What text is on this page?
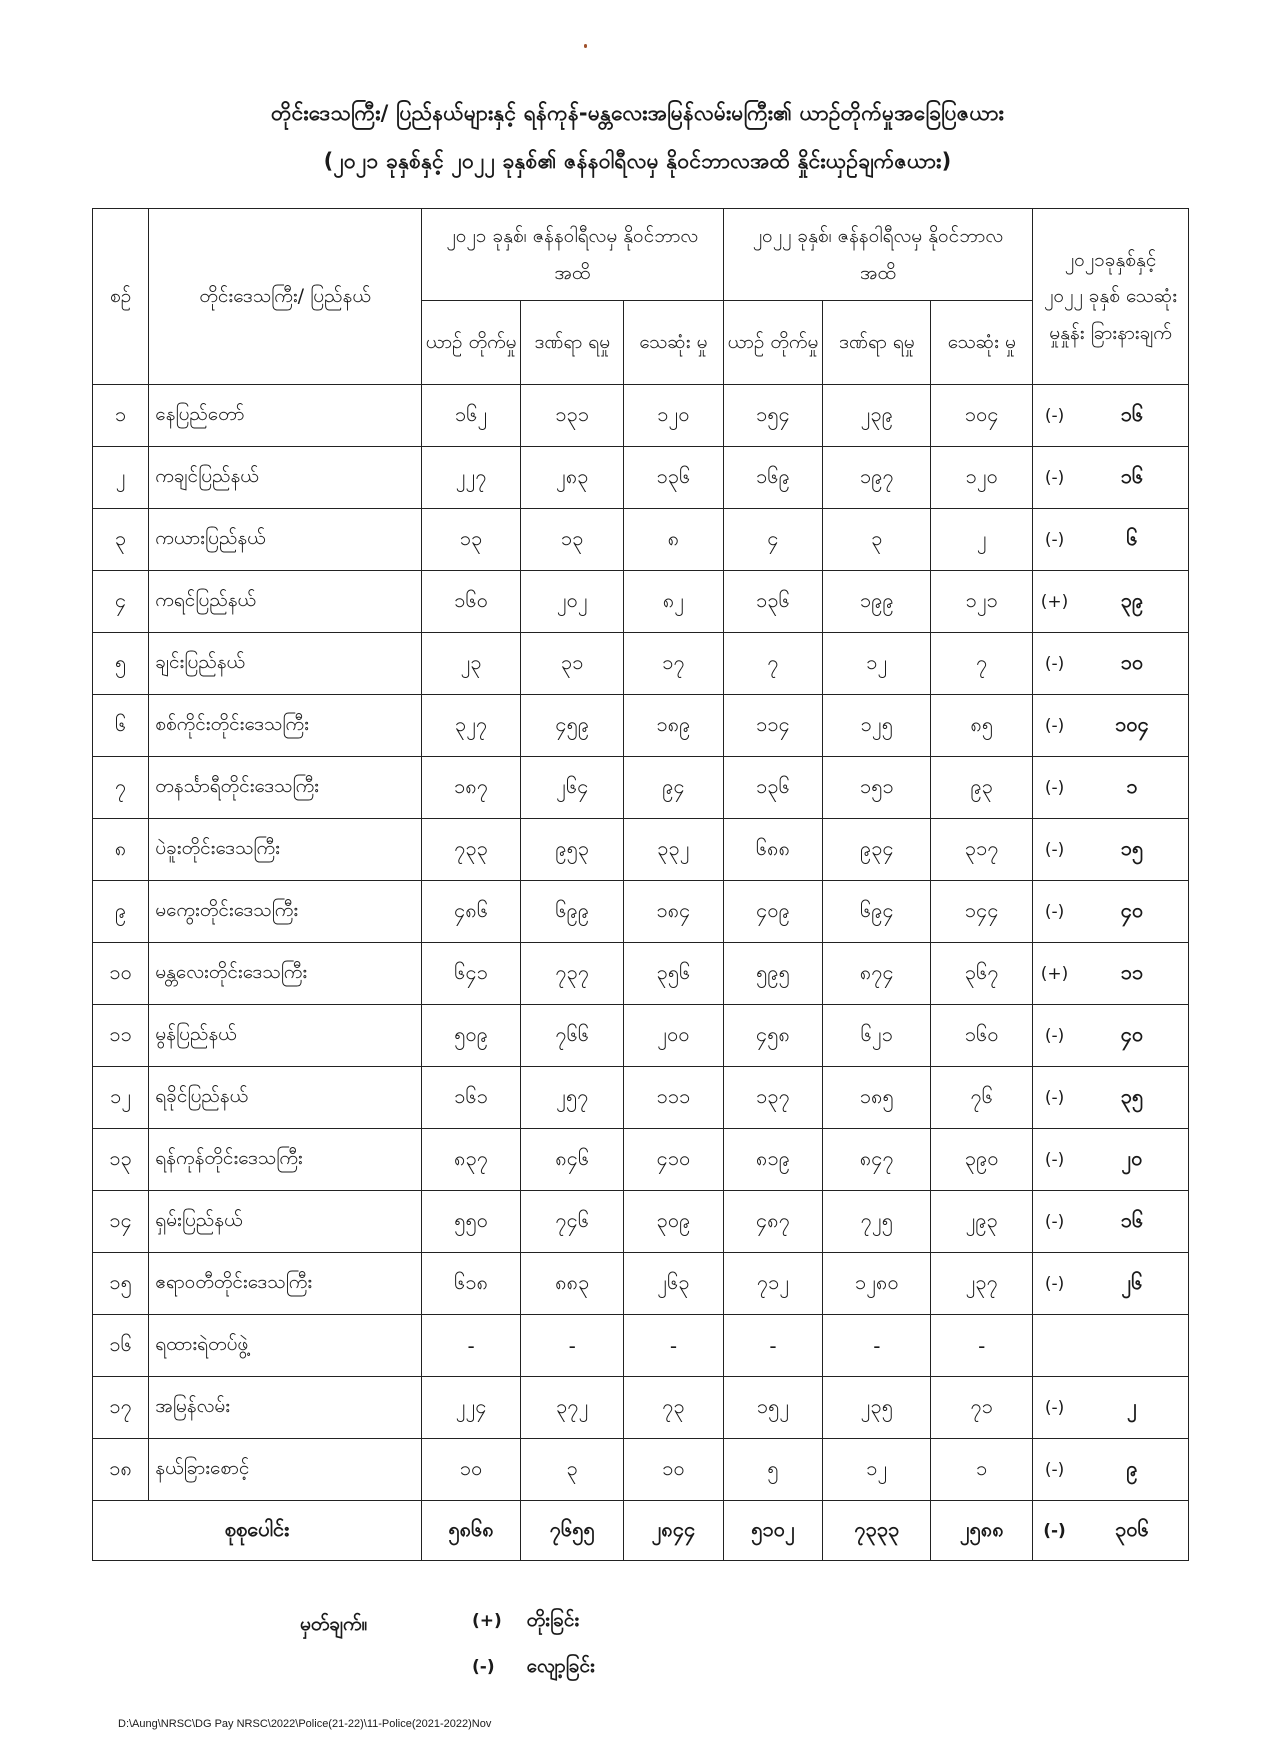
တိုင်းဒေသကြီး/ ပြည်နယ်များနှင့် ရန်ကုန်-မန္တလေးအမြန်လမ်းမကြီး၏ ယာဉ်တိုက်မှုအခြေပြဇယား
(၂၀၂၁ ခုနှစ်နှင့် ၂၀၂၂ ခုနှစ်၏ ဇန်နဝါရီလမှ နိုဝင်ဘာလအထိ နှိုင်းယှဉ်ချက်ဇယား)
စဉ်	တိုင်းဒေသကြီး/ ပြည်နယ်	၂၀၂၁ ခုနှစ်၊ ဇန်နဝါရီလမှ နိုဝင်ဘာလအထိ			၂၀၂၂ ခုနှစ်၊ ဇန်နဝါရီလမှ နိုဝင်ဘာလအထိ			၂၀၂၁ခုနှစ်နှင့် ၂၀၂၂ ခုနှစ် သေဆုံးမှုနှုန်း ခြားနားချက်	
		ယာဉ် တိုက်မှု	ဒဏ်ရာ ရမှု	သေဆုံး မှု	ယာဉ် တိုက်မှု	ဒဏ်ရာ ရမှု	သေဆုံး မှု		
၁	နေပြည်တော်	၁၆၂	၁၃၁	၁၂၀	၁၅၄	၂၃၉	၁၀၄	(-)	၁၆
၂	ကချင်ပြည်နယ်	၂၂၇	၂၈၃	၁၃၆	၁၆၉	၁၉၇	၁၂၀	(-)	၁၆
၃	ကယားပြည်နယ်	၁၃	၁၃	၈	၄	၃	၂	(-)	၆
၄	ကရင်ပြည်နယ်	၁၆၀	၂၀၂	၈၂	၁၃၆	၁၉၉	၁၂၁	(+)	၃၉
၅	ချင်းပြည်နယ်	၂၃	၃၁	၁၇	၇	၁၂	၇	(-)	၁၀
၆	စစ်ကိုင်းတိုင်းဒေသကြီး	၃၂၇	၄၅၉	၁၈၉	၁၁၄	၁၂၅	၈၅	(-)	၁၀၄
၇	တနင်္သာရီတိုင်းဒေသကြီး	၁၈၇	၂၆၄	၉၄	၁၃၆	၁၅၁	၉၃	(-)	၁
၈	ပဲခူးတိုင်းဒေသကြီး	၇၃၃	၉၅၃	၃၃၂	၆၈၈	၉၃၄	၃၁၇	(-)	၁၅
၉	မကွေးတိုင်းဒေသကြီး	၄၈၆	၆၉၉	၁၈၄	၄၀၉	၆၉၄	၁၄၄	(-)	၄၀
၁၀	မန္တလေးတိုင်းဒေသကြီး	၆၄၁	၇၃၇	၃၅၆	၅၉၅	၈၇၄	၃၆၇	(+)	၁၁
၁၁	မွန်ပြည်နယ်	၅၀၉	၇၆၆	၂၀၀	၄၅၈	၆၂၁	၁၆၀	(-)	၄၀
၁၂	ရခိုင်ပြည်နယ်	၁၆၁	၂၅၇	၁၁၁	၁၃၇	၁၈၅	၇၆	(-)	၃၅
၁၃	ရန်ကုန်တိုင်းဒေသကြီး	၈၃၇	၈၄၆	၄၁၀	၈၁၉	၈၄၇	၃၉၀	(-)	၂၀
၁၄	ရှမ်းပြည်နယ်	၅၅၀	၇၄၆	၃၀၉	၄၈၇	၇၂၅	၂၉၃	(-)	၁၆
၁၅	ဧရာဝတီတိုင်းဒေသကြီး	၆၁၈	၈၈၃	၂၆၃	၇၁၂	၁၂၈၀	၂၃၇	(-)	၂၆
၁၆	ရထားရဲတပ်ဖွဲ့	-	-	-	-	-	-		
၁၇	အမြန်လမ်း	၂၂၄	၃၇၂	၇၃	၁၅၂	၂၃၅	၇၁	(-)	၂
၁၈	နယ်ခြားစောင့်	၁၀	၃	၁၀	၅	၁၂	၁	(-)	၉
စုစုပေါင်း		၅၈၆၈	၇၆၅၅	၂၈၄၄	၅၁၀၂	၇၃၃၃	၂၅၈၈	(-)	၃၀၆
မှတ်ချက်။	(+) တိုးခြင်း
(-) လျော့ခြင်း
D:\Aung\NRSC\DG Pay NRSC\2022\Police(21-22)\11-Police(2021-2022)Nov
